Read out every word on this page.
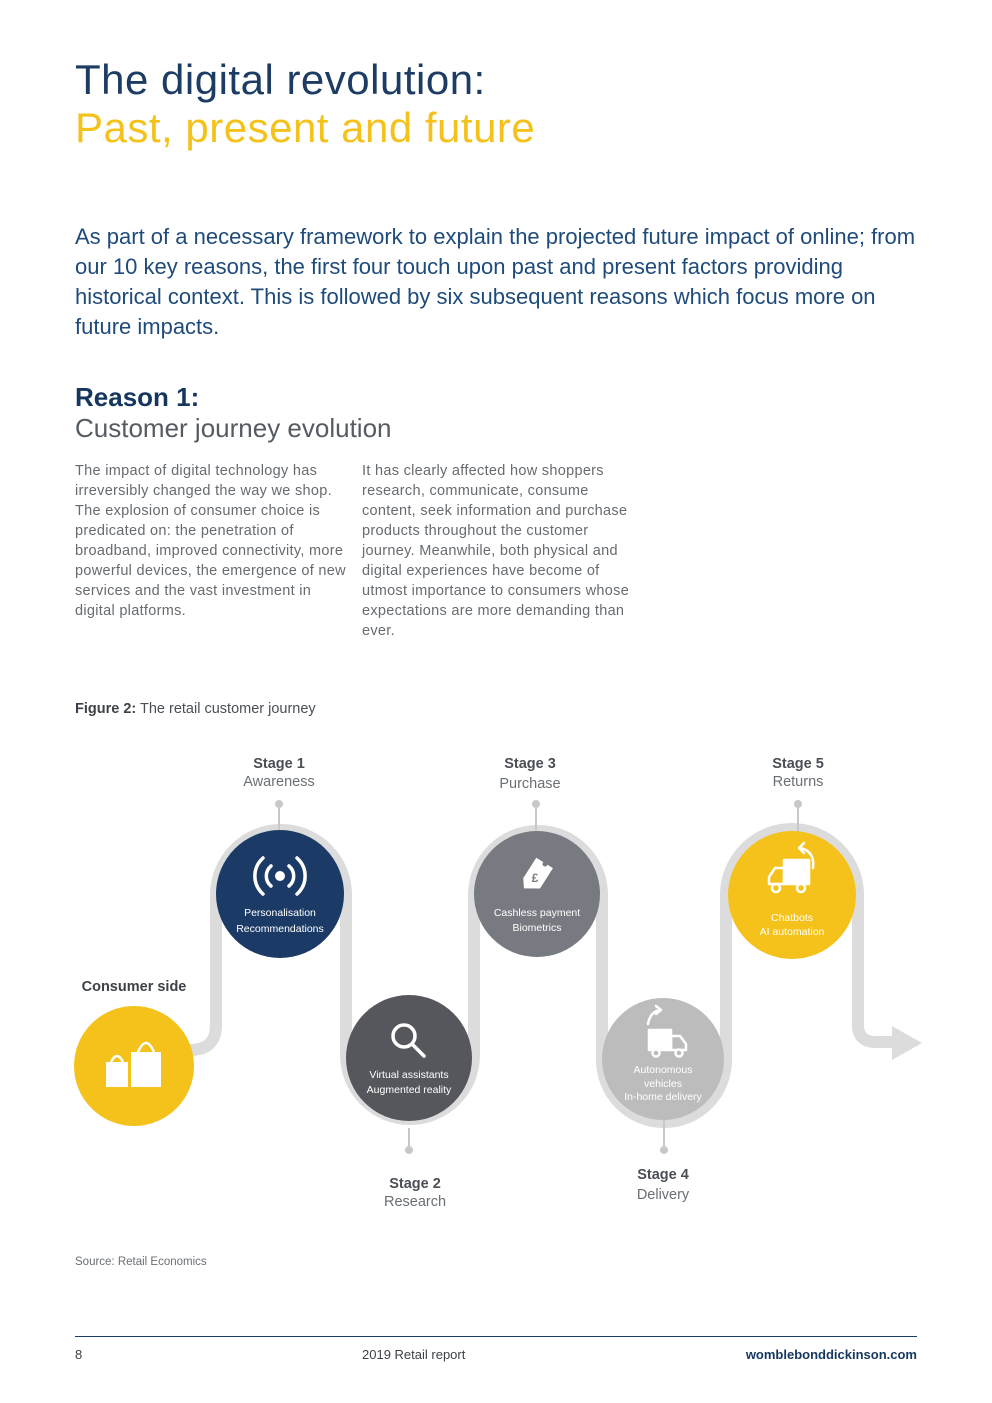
The digital revolution:
Past, present and future
As part of a necessary framework to explain the projected future impact of online; from our 10 key reasons, the first four touch upon past and present factors providing historical context. This is followed by six subsequent reasons which focus more on future impacts.
Reason 1:
Customer journey evolution
The impact of digital technology has irreversibly changed the way we shop. The explosion of consumer choice is predicated on: the penetration of broadband, improved connectivity, more powerful devices, the emergence of new services and the vast investment in digital platforms.
It has clearly affected how shoppers research, communicate, consume content, seek information and purchase products throughout the customer journey. Meanwhile, both physical and digital experiences have become of utmost importance to consumers whose expectations are more demanding than ever.
Figure 2: The retail customer journey
Consumer side
Stage 1
Awareness
Personalisation
Recommendations
Virtual assistants
Augmented reality
Stage 2
Research
Stage 3
Purchase
£
Cashless payment
Biometrics
Autonomous
vehicles
In-home delivery
Stage 4
Delivery
Stage 5
Returns
Chatbots
AI automation
Source: Retail Economics
8	2019 Retail report	womblebonddickinson.com
